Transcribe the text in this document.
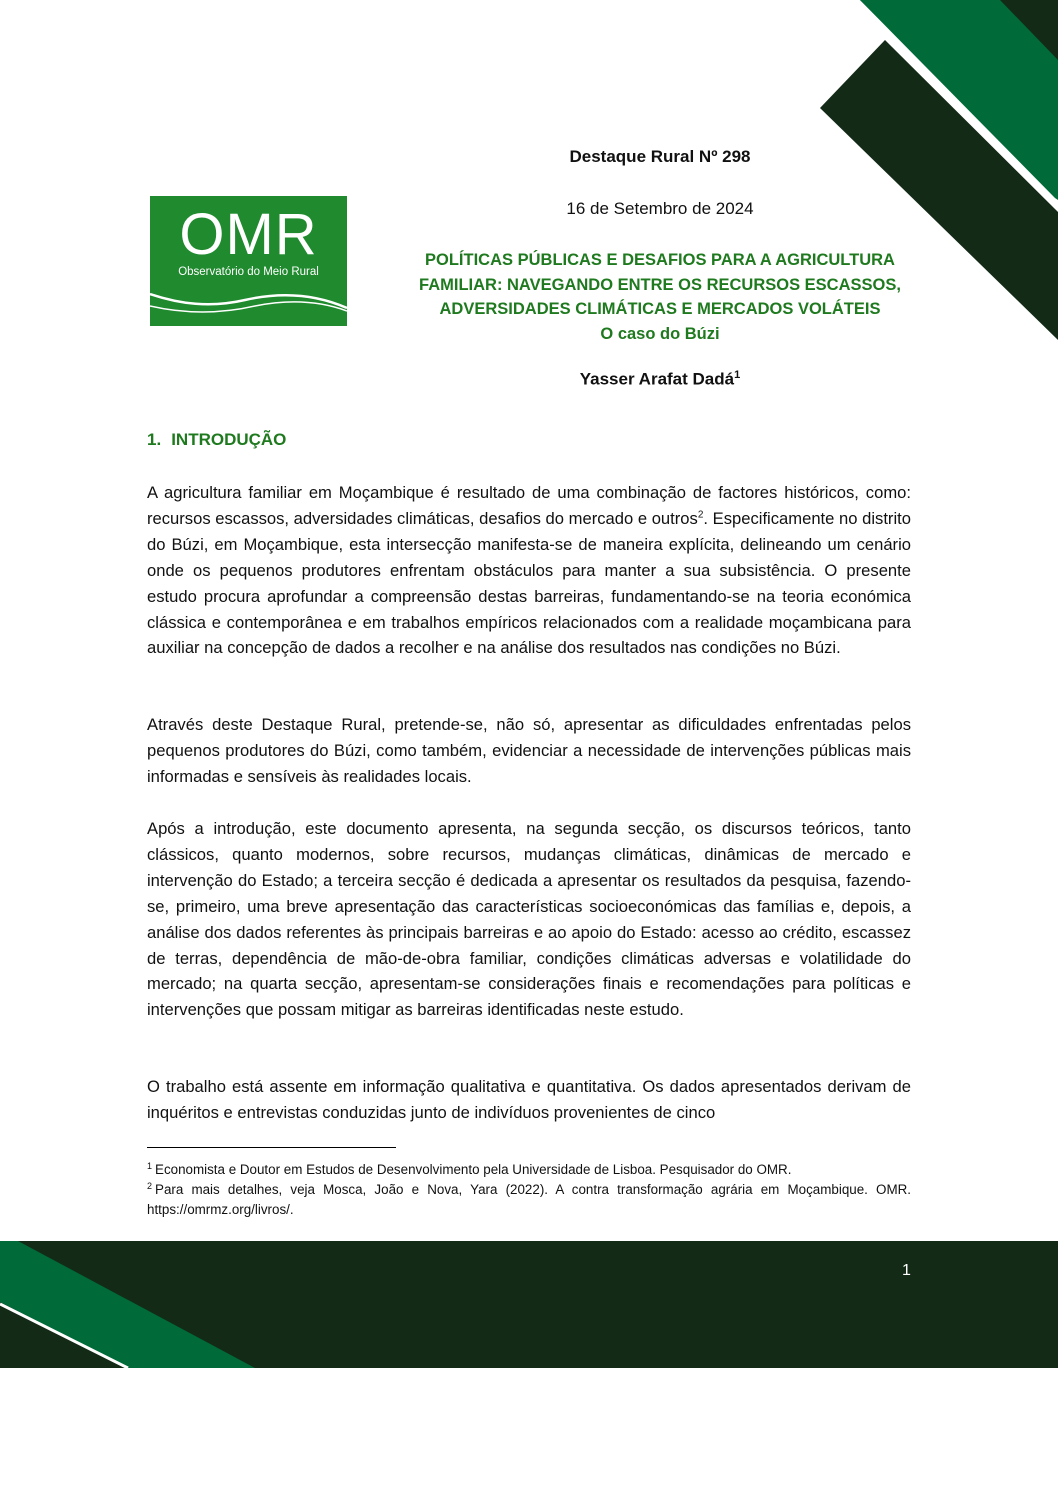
OMR
Observatório do Meio Rural
Destaque Rural Nº 298
16 de Setembro de 2024
POLÍTICAS PÚBLICAS E DESAFIOS PARA A AGRICULTURA
FAMILIAR: NAVEGANDO ENTRE OS RECURSOS ESCASSOS,
ADVERSIDADES CLIMÁTICAS E MERCADOS VOLÁTEIS
O caso do Búzi
Yasser Arafat Dadá$^1$
1. INTRODUÇÃO
A agricultura familiar em Moçambique é resultado de uma combinação de factores históricos, como: recursos escassos, adversidades climáticas, desafios do mercado e outros$^2$. Especificamente no distrito do Búzi, em Moçambique, esta intersecção manifesta-se de maneira explícita, delineando um cenário onde os pequenos produtores enfrentam obstáculos para manter a sua subsistência. O presente estudo procura aprofundar a compreensão destas barreiras, fundamentando-se na teoria económica clássica e contemporânea e em trabalhos empíricos relacionados com a realidade moçambicana para auxiliar na concepção de dados a recolher e na análise dos resultados nas condições no Búzi.
Através deste Destaque Rural, pretende-se, não só, apresentar as dificuldades enfrentadas pelos pequenos produtores do Búzi, como também, evidenciar a necessidade de intervenções públicas mais informadas e sensíveis às realidades locais.
Após a introdução, este documento apresenta, na segunda secção, os discursos teóricos, tanto clássicos, quanto modernos, sobre recursos, mudanças climáticas, dinâmicas de mercado e intervenção do Estado; a terceira secção é dedicada a apresentar os resultados da pesquisa, fazendo-se, primeiro, uma breve apresentação das características socioeconómicas das famílias e, depois, a análise dos dados referentes às principais barreiras e ao apoio do Estado: acesso ao crédito, escassez de terras, dependência de mão-de-obra familiar, condições climáticas adversas e volatilidade do mercado; na quarta secção, apresentam-se considerações finais e recomendações para políticas e intervenções que possam mitigar as barreiras identificadas neste estudo.
O trabalho está assente em informação qualitativa e quantitativa. Os dados apresentados derivam de inquéritos e entrevistas conduzidas junto de indivíduos provenientes de cinco
$^1$ Economista e Doutor em Estudos de Desenvolvimento pela Universidade de Lisboa. Pesquisador do OMR.
$^2$ Para mais detalhes, veja Mosca, João e Nova, Yara (2022). A contra transformação agrária em Moçambique. OMR. https://omrmz.org/livros/.
1
